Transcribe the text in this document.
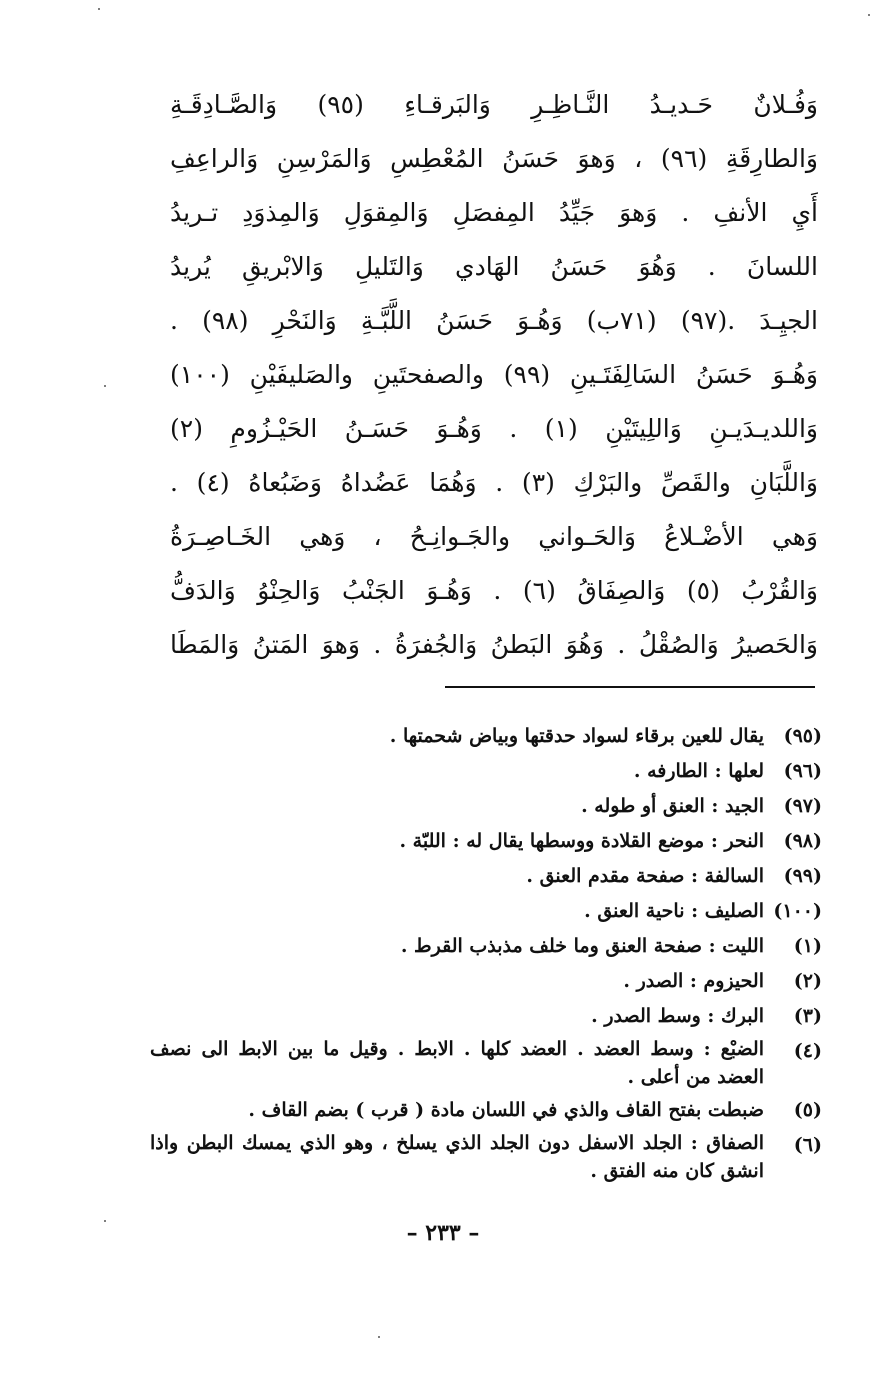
وَفُـلانٌ حَـديـدُ النَّـاظِـرِ وَالبَرقـاءِ (٩٥) وَالصَّـادِقَـةِ
وَالطارِقَةِ (٩٦) ، وَهوَ حَسَنُ المُعْطِسِ وَالمَرْسِنِ وَالراعِفِ
أَيِ الأنفِ . وَهوَ جَيِّدُ المِفصَلِ وَالمِقوَلِ وَالمِذوَدِ تـريدُ
اللسانَ . وَهُوَ حَسَنُ الهَادي وَالتَليلِ وَالابْريقِ يُريدُ
الجيِـدَ .(٩٧) (٧١ب) وَهُـوَ حَسَنُ اللَّبَّـةِ وَالنَحْرِ (٩٨) .
وَهُـوَ حَسَنُ السَالِفَتَـينِ (٩٩) والصفحتَينِ والصَليفَيْنِ (١٠٠)
وَاللديـدَيـنِ وَاللِيتَيْنِ (١) . وَهُـوَ حَسَـنُ الحَيْـزُومِ (٢)
وَاللَّبَانِ والقَصِّ والبَرْكِ (٣) . وَهُمَا عَضُداهُ وَضَبُعاهُ (٤) .
وَهي الأضْـلاعُ وَالحَـواني والجَـوانِـحُ ، وَهي الخَـاصِـرَةُ
وَالقُرْبُ (٥) وَالصِفَاقُ (٦) . وَهُـوَ الجَنْبُ وَالحِنْوُ وَالدَفُّ
وَالحَصيرُ وَالصُقْلُ . وَهُوَ البَطنُ وَالجُفرَةُ . وَهوَ المَتنُ وَالمَطَا
(٩٥)
يقال للعين برقاء لسواد حدقتها وبياض شحمتها .
(٩٦)
لعلها : الطارفه .
(٩٧)
الجيد : العنق أو طوله .
(٩٨)
النحر : موضع القلادة ووسطها يقال له : اللبّة .
(٩٩)
السالفة : صفحة مقدم العنق .
(١٠٠)
الصليف : ناحية العنق .
(١)
الليت : صفحة العنق وما خلف مذبذب القرط .
(٢)
الحيزوم : الصدر .
(٣)
البرك : وسط الصدر .
(٤)
الضبْع : وسط العضد . العضد كلها . الابط . وقيل ما بين الابط الى نصف العضد من أعلى .
(٥)
ضبطت بفتح القاف والذي في اللسان مادة ( قرب ) بضم القاف .
(٦)
الصفاق : الجلد الاسفل دون الجلد الذي يسلخ ، وهو الذي يمسك البطن واذا انشق كان منه الفتق .
– ٢٣٣ –
